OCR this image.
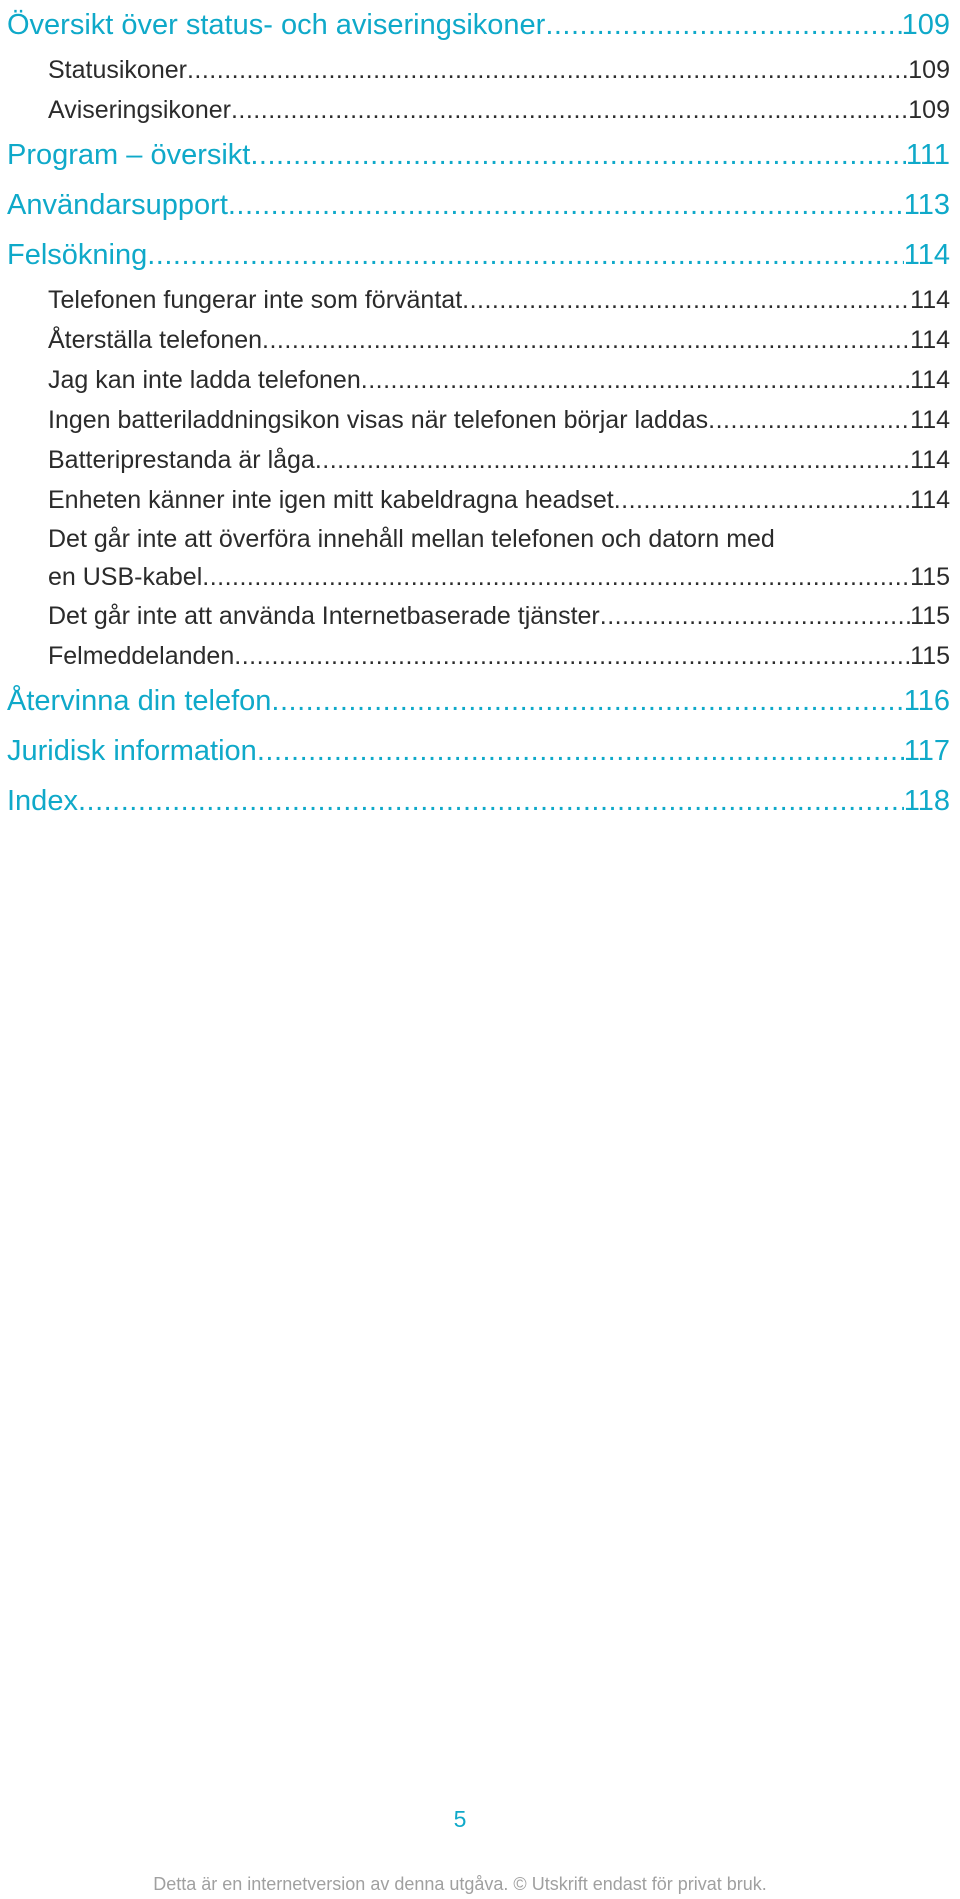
Översikt över status- och aviseringsikoner .....	109
Statusikoner .....	109
Aviseringsikoner .....	109
Program – översikt .....	111
Användarsupport .....	113
Felsökning .....	114
Telefonen fungerar inte som förväntat .....	114
Återställa telefonen .....	114
Jag kan inte ladda telefonen .....	114
Ingen batteriladdningsikon visas när telefonen börjar laddas .....	114
Batteriprestanda är låga .....	114
Enheten känner inte igen mitt kabeldragna headset .....	114
Det går inte att överföra innehåll mellan telefonen och datorn med
en USB-kabel .....	115
Det går inte att använda Internetbaserade tjänster .....	115
Felmeddelanden .....	115
Återvinna din telefon .....	116
Juridisk information .....	117
Index .....	118
5
Detta är en internetversion av denna utgåva. © Utskrift endast för privat bruk.
